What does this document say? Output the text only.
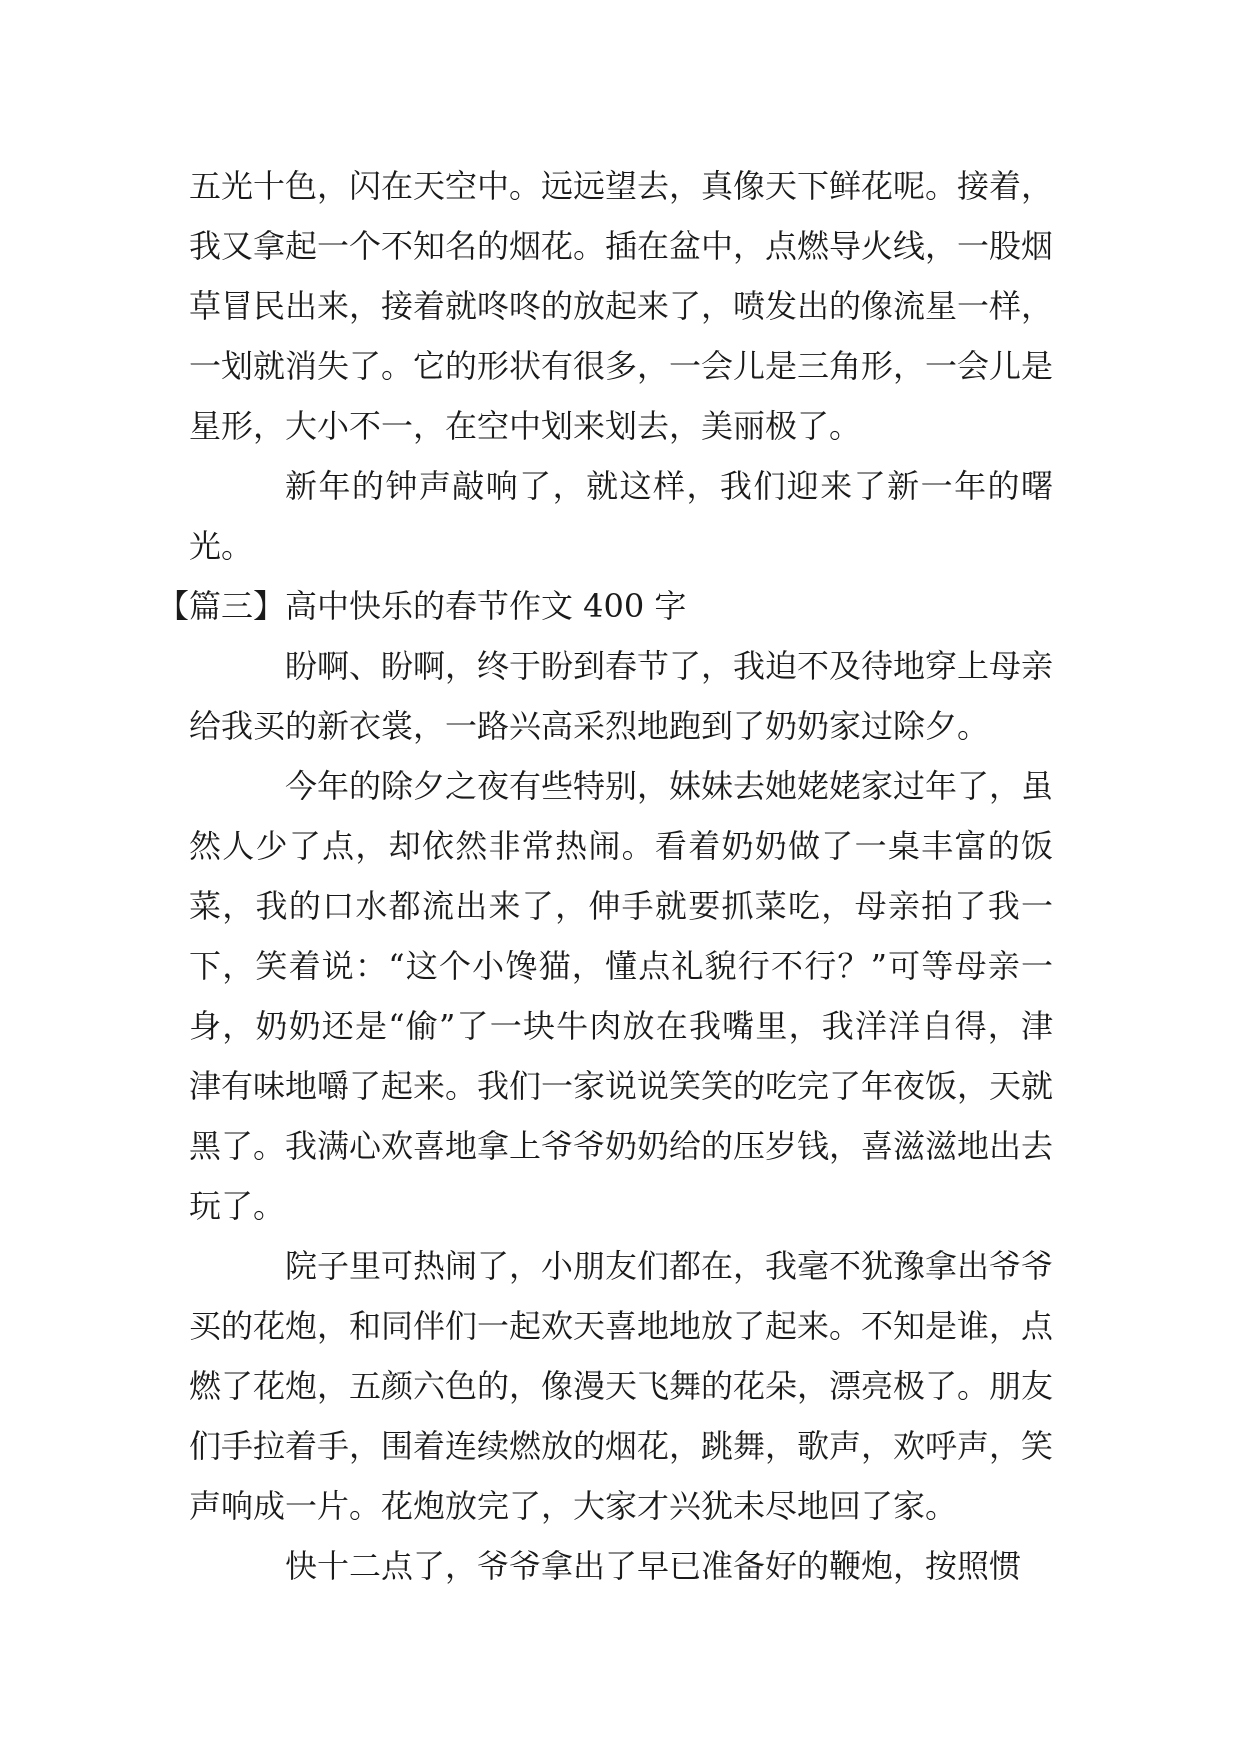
五光十色，闪在天空中。远远望去，真像天下鲜花呢。接着，我又拿起一个不知名的烟花。插在盆中，点燃导火线，一股烟草冒民出来，接着就咚咚的放起来了，喷发出的像流星一样，一划就消失了。它的形状有很多，一会儿是三角形，一会儿是星形，大小不一，在空中划来划去，美丽极了。

新年的钟声敲响了，就这样，我们迎来了新一年的曙光。

【篇三】高中快乐的春节作文 400 字

盼啊、盼啊，终于盼到春节了，我迫不及待地穿上母亲给我买的新衣裳，一路兴高采烈地跑到了奶奶家过除夕。

今年的除夕之夜有些特别，妹妹去她姥姥家过年了，虽然人少了点，却依然非常热闹。看着奶奶做了一桌丰富的饭菜，我的口水都流出来了，伸手就要抓菜吃，母亲拍了我一下，笑着说：“这个小馋猫，懂点礼貌行不行？”可等母亲一身，奶奶还是“偷”了一块牛肉放在我嘴里，我洋洋自得，津津有味地嚼了起来。我们一家说说笑笑的吃完了年夜饭，天就黑了。我满心欢喜地拿上爷爷奶奶给的压岁钱，喜滋滋地出去玩了。

院子里可热闹了，小朋友们都在，我毫不犹豫拿出爷爷买的花炮，和同伴们一起欢天喜地地放了起来。不知是谁，点燃了花炮，五颜六色的，像漫天飞舞的花朵，漂亮极了。朋友们手拉着手，围着连续燃放的烟花，跳舞，歌声，欢呼声，笑声响成一片。花炮放完了，大家才兴犹未尽地回了家。

快十二点了，爷爷拿出了早已准备好的鞭炮，按照惯
